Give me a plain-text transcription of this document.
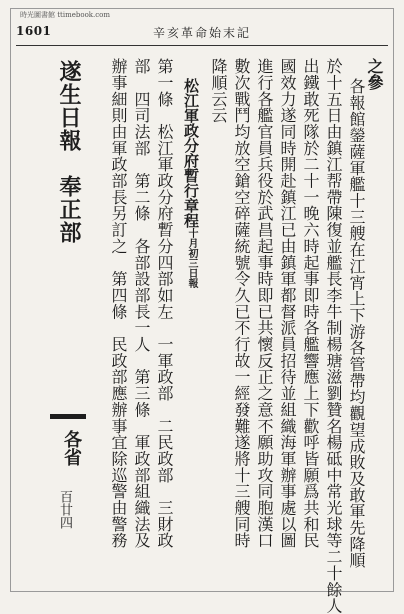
時光圖書館 ttimebook.com
1601	辛亥革命始末記
之參
各報館鎣薩軍艦十三艘在江宵上下游各管帶均觀望成敗及敢軍先降順
於十五日由鎮江帮帶陳復並艦長李牛制楊瑭滋劉贊名楊砥中常光球等二十餘人
出鐵敢死隊於二十一晚六時起事即時各艦響應上下歡呼皆願爲共和民
國效力遂同時開赴鎮江已由鎮軍都督派員招待並組織海軍辦事處以圖
進行各艦官員兵役於武昌起事時即已共懷反正之意不願助攻同胞漢口
數次戰鬥均放空鎗空碎薩統號令久已不行故一經發難遂將十三艘同時
降順云云
松江軍政分府暫行章程十月初三日報
第一條　松江軍政分府暫分四部如左　一軍政部　二民政部　三財政
部　四司法部　第二條　各部設部長一人　第三條　軍政部組織法及
辦事細則由軍政部長另訂之　第四條　民政部應辦事宜除巡警由警務
遂生日報　奉正部
各省
百廿四
